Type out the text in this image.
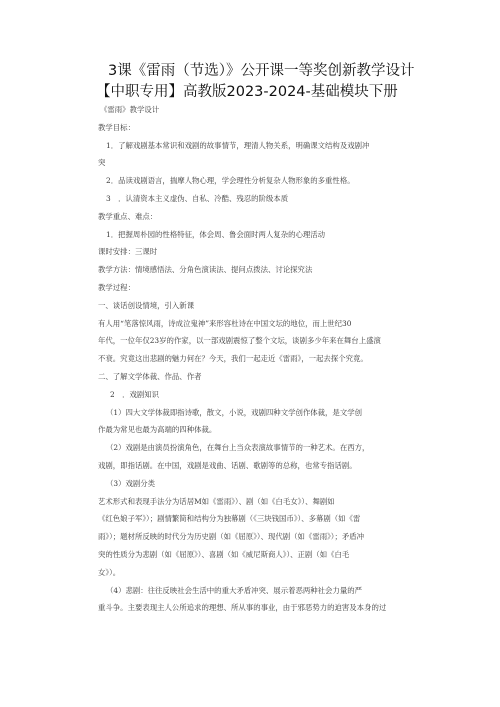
3课《雷雨（节选）》公开课一等奖创新教学设计【中职专用】高教版2023-2024-基础模块下册

《雷雨》教学设计

教学目标：

1．了解戏剧基本常识和戏剧的故事情节，理清人物关系，明确课文结构及戏剧冲

突

2．品读戏剧语言，揣摩人物心理，学会理性分析复杂人物形象的多重性格。

3　．认清资本主义虚伪、自私、冷酷、残忍的阶级本质

教学重点、难点：

1．把握周朴园的性格特征，体会周、鲁会面时两人复杂的心理活动

课时安排：三课时

教学方法：情境感悟法、分角色演读法、提问点拨法、讨论探究法

教学过程：

一、谈话创设情境，引入新课

有人用“笔落惊风雨，诗成泣鬼神”来形容杜诗在中国文坛的地位，而上世纪30

年代，一位年仅23岁的作家，以一部戏剧震惊了整个文坛，谈剧多少年来在舞台上盛演

不衰。究竟这出悲剧的魅力何在？今天，我们一起走近《雷雨》，一起去探个究竟。

二、了解文学体裁、作品、作者

2　．戏剧知识

（1）四大文学体裁即指诗歌，散文，小说，戏剧四种文学创作体裁，是文学创

作最为常见也最为高端的四种体裁。

（2）戏剧是由演员扮演角色，在舞台上当众表演故事情节的一种艺术。在西方，

戏剧，即指话剧。在中国，戏剧是戏曲、话剧、歌剧等的总称，也常专指话剧。

（3）戏剧分类

艺术形式和表现手法分为话居M如《雷雨》）、剧（如《白毛女》）、舞剧如

《红色娘子军》）；剧情繁简和结构分为独幕剧（《三块钱国币》）、多幕剧（如《雷

雨》）；题材所反映的时代分为历史剧（如《屈原》）、现代剧（如《雷雨》）；矛盾冲

突的性质分为悲剧（如《屈原》）、喜剧（如《威尼斯商人》）、正剧（如《白毛

女》）。

（4）悲剧：往往反映社会生活中的重大矛盾冲突、展示着恶两种社会力量的严

重斗争。主要表现主人公所追求的理想、所从事的事业，由于邪恶势力的迫害及本身的过
